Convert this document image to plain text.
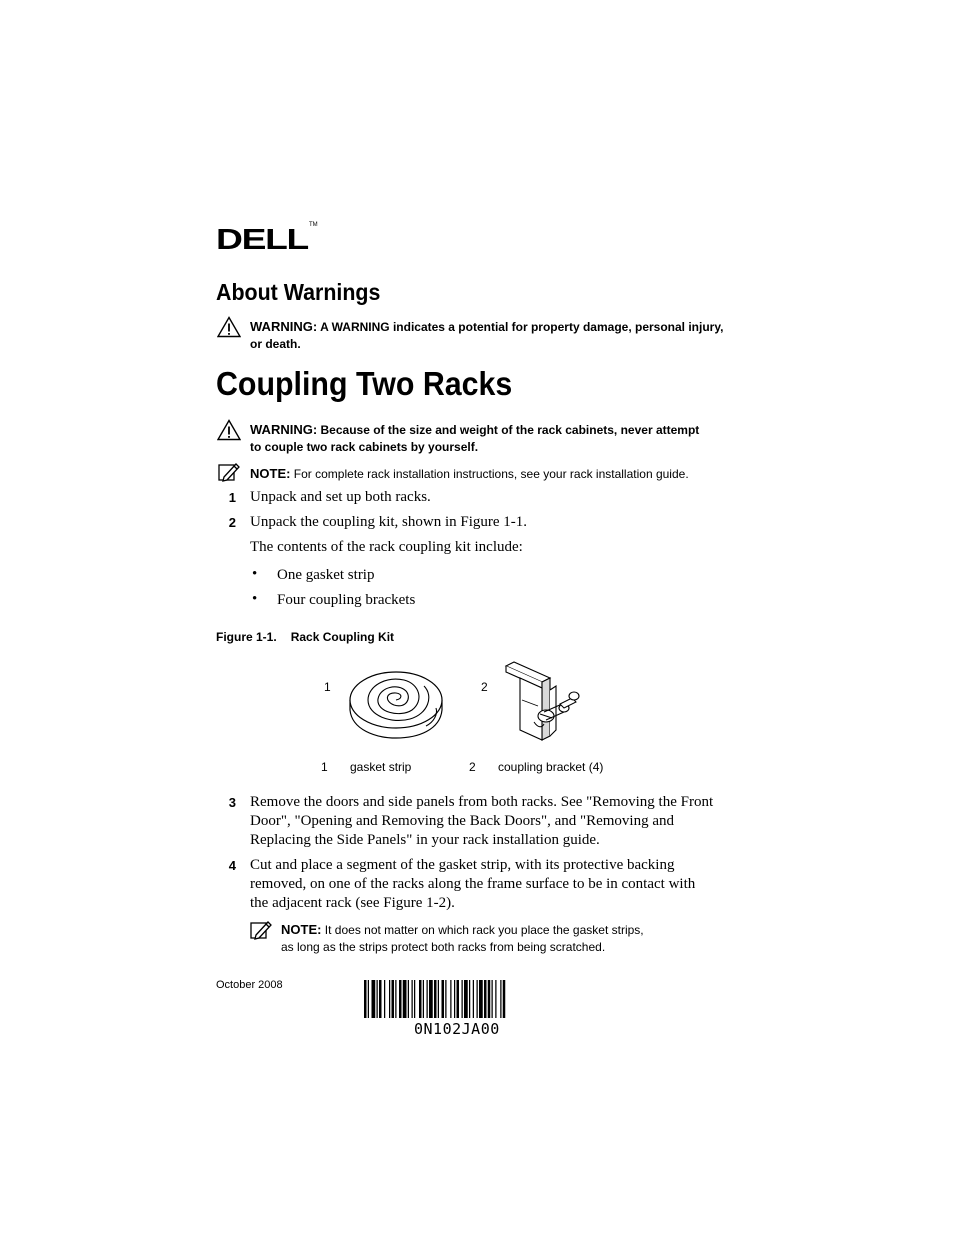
DELL TM
About Warnings
WARNING: A WARNING indicates a potential for property damage, personal injury,
or death.
Coupling Two Racks
WARNING: Because of the size and weight of the rack cabinets, never attempt
to couple two rack cabinets by yourself.
NOTE: For complete rack installation instructions, see your rack installation guide.
1 Unpack and set up both racks.
2 Unpack the coupling kit, shown in Figure 1-1.
The contents of the rack coupling kit include:
• One gasket strip
• Four coupling brackets
Figure 1-1. Rack Coupling Kit
1	2
1 gasket strip	2 coupling bracket (4)
3 Remove the doors and side panels from both racks. See "Removing the Front
Door", "Opening and Removing the Back Doors", and "Removing and
Replacing the Side Panels" in your rack installation guide.
4 Cut and place a segment of the gasket strip, with its protective backing
removed, on one of the racks along the frame surface to be in contact with
the adjacent rack (see Figure 1-2).
NOTE: It does not matter on which rack you place the gasket strips,
as long as the strips protect both racks from being scratched.
October 2008
0N102JA00
